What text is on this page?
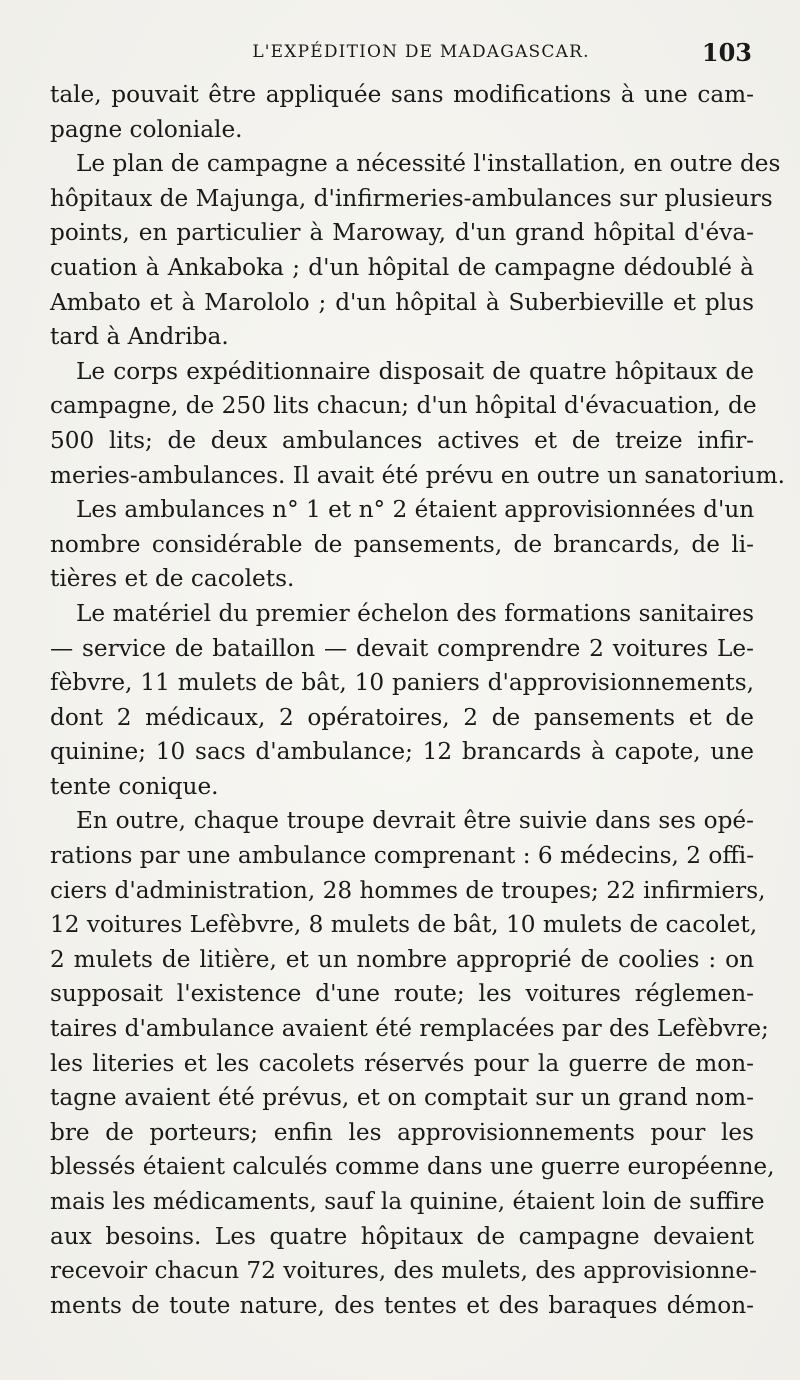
L'EXPÉDITION DE MADAGASCAR.	103
tale, pouvait être appliquée sans modifications à une cam-
pagne coloniale.
Le plan de campagne a nécessité l'installation, en outre des
hôpitaux de Majunga, d'infirmeries-ambulances sur plusieurs
points, en particulier à Maroway, d'un grand hôpital d'éva-
cuation à Ankaboka ; d'un hôpital de campagne dédoublé à
Ambato et à Marololo ; d'un hôpital à Suberbieville et plus
tard à Andriba.
Le corps expéditionnaire disposait de quatre hôpitaux de
campagne, de 250 lits chacun; d'un hôpital d'évacuation, de
500 lits; de deux ambulances actives et de treize infir-
meries-ambulances. Il avait été prévu en outre un sanatorium.
Les ambulances n° 1 et n° 2 étaient approvisionnées d'un
nombre considérable de pansements, de brancards, de li-
tières et de cacolets.
Le matériel du premier échelon des formations sanitaires
— service de bataillon — devait comprendre 2 voitures Le-
fèbvre, 11 mulets de bât, 10 paniers d'approvisionnements,
dont 2 médicaux, 2 opératoires, 2 de pansements et de
quinine; 10 sacs d'ambulance; 12 brancards à capote, une
tente conique.
En outre, chaque troupe devrait être suivie dans ses opé-
rations par une ambulance comprenant : 6 médecins, 2 offi-
ciers d'administration, 28 hommes de troupes; 22 infirmiers,
12 voitures Lefèbvre, 8 mulets de bât, 10 mulets de cacolet,
2 mulets de litière, et un nombre approprié de coolies : on
supposait l'existence d'une route; les voitures réglemen-
taires d'ambulance avaient été remplacées par des Lefèbvre;
les literies et les cacolets réservés pour la guerre de mon-
tagne avaient été prévus, et on comptait sur un grand nom-
bre de porteurs; enfin les approvisionnements pour les
blessés étaient calculés comme dans une guerre européenne,
mais les médicaments, sauf la quinine, étaient loin de suffire
aux besoins. Les quatre hôpitaux de campagne devaient
recevoir chacun 72 voitures, des mulets, des approvisionne-
ments de toute nature, des tentes et des baraques démon-
